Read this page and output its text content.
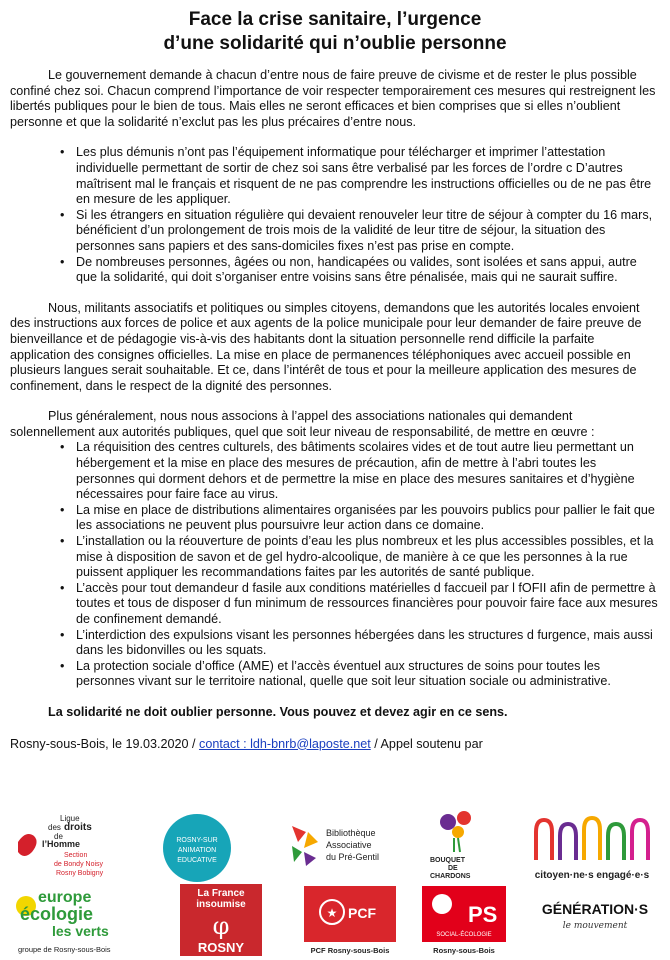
Face la crise sanitaire, l’urgence
d’une solidarité qui n’oublie personne

Le gouvernement demande à chacun d’entre nous de faire preuve de civisme et de rester le plus possible confiné chez soi. Chacun comprend l’importance de voir respecter temporairement ces mesures qui restreignent les libertés publiques pour le bien de tous. Mais elles ne seront efficaces et bien comprises que si elles n’oublient personne et que la solidarité n’exclut pas les plus précaires d’entre nous.

• Les plus démunis n’ont pas l’équipement informatique pour télécharger et imprimer l’attestation individuelle permettant de sortir de chez soi sans être verbalisé par les forces de l’ordre c D’autres maîtrisent mal le français et risquent de ne pas comprendre les instructions officielles ou de ne pas être en mesure de les appliquer.
• Si les étrangers en situation régulière qui devaient renouveler leur titre de séjour à compter du 16 mars, bénéficient d’un prolongement de trois mois de la validité de leur titre de séjour, la situation des personnes sans papiers et des sans-domiciles fixes n’est pas prise en compte.
• De nombreuses personnes, âgées ou non, handicapées ou valides, sont isolées et sans appui, autre que la solidarité, qui doit s’organiser entre voisins sans être pénalisée, mais qui ne saurait suffire.

Nous, militants associatifs et politiques ou simples citoyens, demandons que les autorités locales envoient des instructions aux forces de police et aux agents de la police municipale pour leur demander de faire preuve de bienveillance et de pédagogie vis-à-vis des habitants dont la situation personnelle rend difficile la parfaite application des consignes officielles. La mise en place de permanences téléphoniques avec accueil possible en plusieurs langues serait souhaitable. Et ce, dans l’intérêt de tous et pour la meilleure application des mesures de confinement, dans le respect de la dignité des personnes.

Plus généralement, nous nous associons à l’appel des associations nationales qui demandent solennellement aux autorités publiques, quel que soit leur niveau de responsabilité, de mettre en œuvre :

• La réquisition des centres culturels, des bâtiments scolaires vides et de tout autre lieu permettant un hébergement et la mise en place des mesures de précaution, afin de mettre à l’abri toutes les personnes qui dorment dehors et de permettre la mise en place des mesures sanitaires et d’hygiène nécessaires pour faire face au virus.
• La mise en place de distributions alimentaires organisées par les pouvoirs publics pour pallier le fait que les associations ne peuvent plus poursuivre leur action dans ce domaine.
• L’installation ou la réouverture de points d’eau les plus nombreux et les plus accessibles possibles, et la mise à disposition de savon et de gel hydro-alcoolique, de manière à ce que les personnes à la rue puissent appliquer les recommandations faites par les autorités de santé publique.
• L’accès pour tout demandeur d fasile aux conditions matérielles d faccueil par l fOFII afin de permettre à toutes et tous de disposer d fun minimum de ressources financières pour pouvoir faire face aux mesures de confinement demandé.
• L’interdiction des expulsions visant les personnes hébergées dans les structures d furgence, mais aussi dans les bidonvilles ou les squats.
• La protection sociale d’office (AME) et l’accès éventuel aux structures de soins pour toutes les personnes vivant sur le territoire national, quelle que soit leur situation sociale ou administrative.

La solidarité ne doit oublier personne. Vous pouvez et devez agir en ce sens.

Rosny-sous-Bois, le 19.03.2020 / contact : ldh-bnrb@laposte.net / Appel soutenu par

Ligue
des droits
de
l’Homme
Section
de Bondy Noisy
Rosny Bobigny
ROSNY-SUR
ANIMATION
EDUCATIVE
Bibliothèque
Associative
du Pré-Gentil	BOUQUET
DE
CHARDONS	citoyen·ne·s engagé·e·s
europe
écologie
les verts
groupe de Rosny-sous-Bois
La France
insoumise
φ
ROSNY
★ PCF
PCF Rosny-sous-Bois
PS
SOCIAL-ÉCOLOGIE
Rosny-sous-Bois
GÉNÉRATION·S
le mouvement
